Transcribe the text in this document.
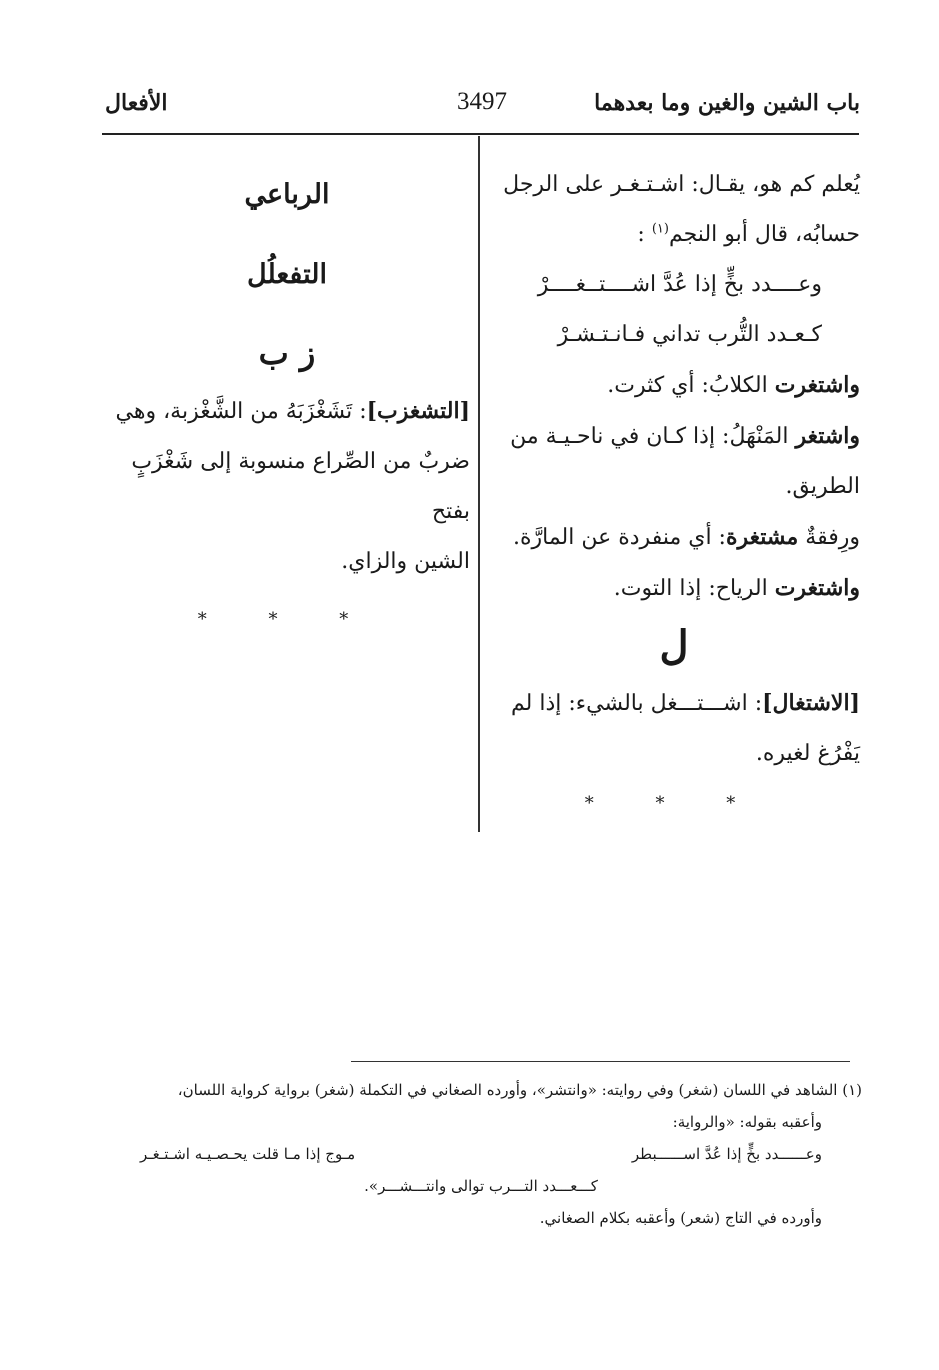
باب الشين والغين وما بعدهما
3497
الأفعال

يُعلم كم هو، يقـال: اشـتـغـر على الرجل

حسابُه، قال أبو النجم$^{(١)}$ :

وعــــدد بخٍّ إذا عُدَّ اشــــتــغــــرْ

كـعـدد التُّرب تداني فـانـتـشـرْ

واشتغرت الكلابُ: أي كثرت.

واشتغر المَنْهَلُ: إذا كـان في ناحـيـة من

الطريق.

ورِفقةٌ مشتغرة: أي منفردة عن المارَّة.

واشتغرت الرياح: إذا التوت.

ل

[الاشتغال]: اشـــتـــغل بالشيء: إذا لم

يَفْرُغ لغيره.

* * *

الرباعي

التفعلُل

ز ب

[التشغزب]: تَشَغْزَبَهُ من الشَّغْزبة، وهي

ضربٌ من الصِّراع منسوبة إلى شَغْزَبٍ بفتح

الشين والزاي.

* * *

(١) الشاهد في اللسان (شغر) وفي روايته: «وانتشر»، وأورده الصغاني في التكملة (شغر) برواية كرواية اللسان،

وأعقبه بقوله: «والرواية:

وعــــــدد بخٍّ إذا عُدَّ اســــــبطر
مـوج إذا مـا قلت يحـصـيـه اشـتـغـر

كـــعـــدد التـــرب توالى وانتـــشـــر».

وأورده في التاج (شعر) وأعقبه بكلام الصغاني.
